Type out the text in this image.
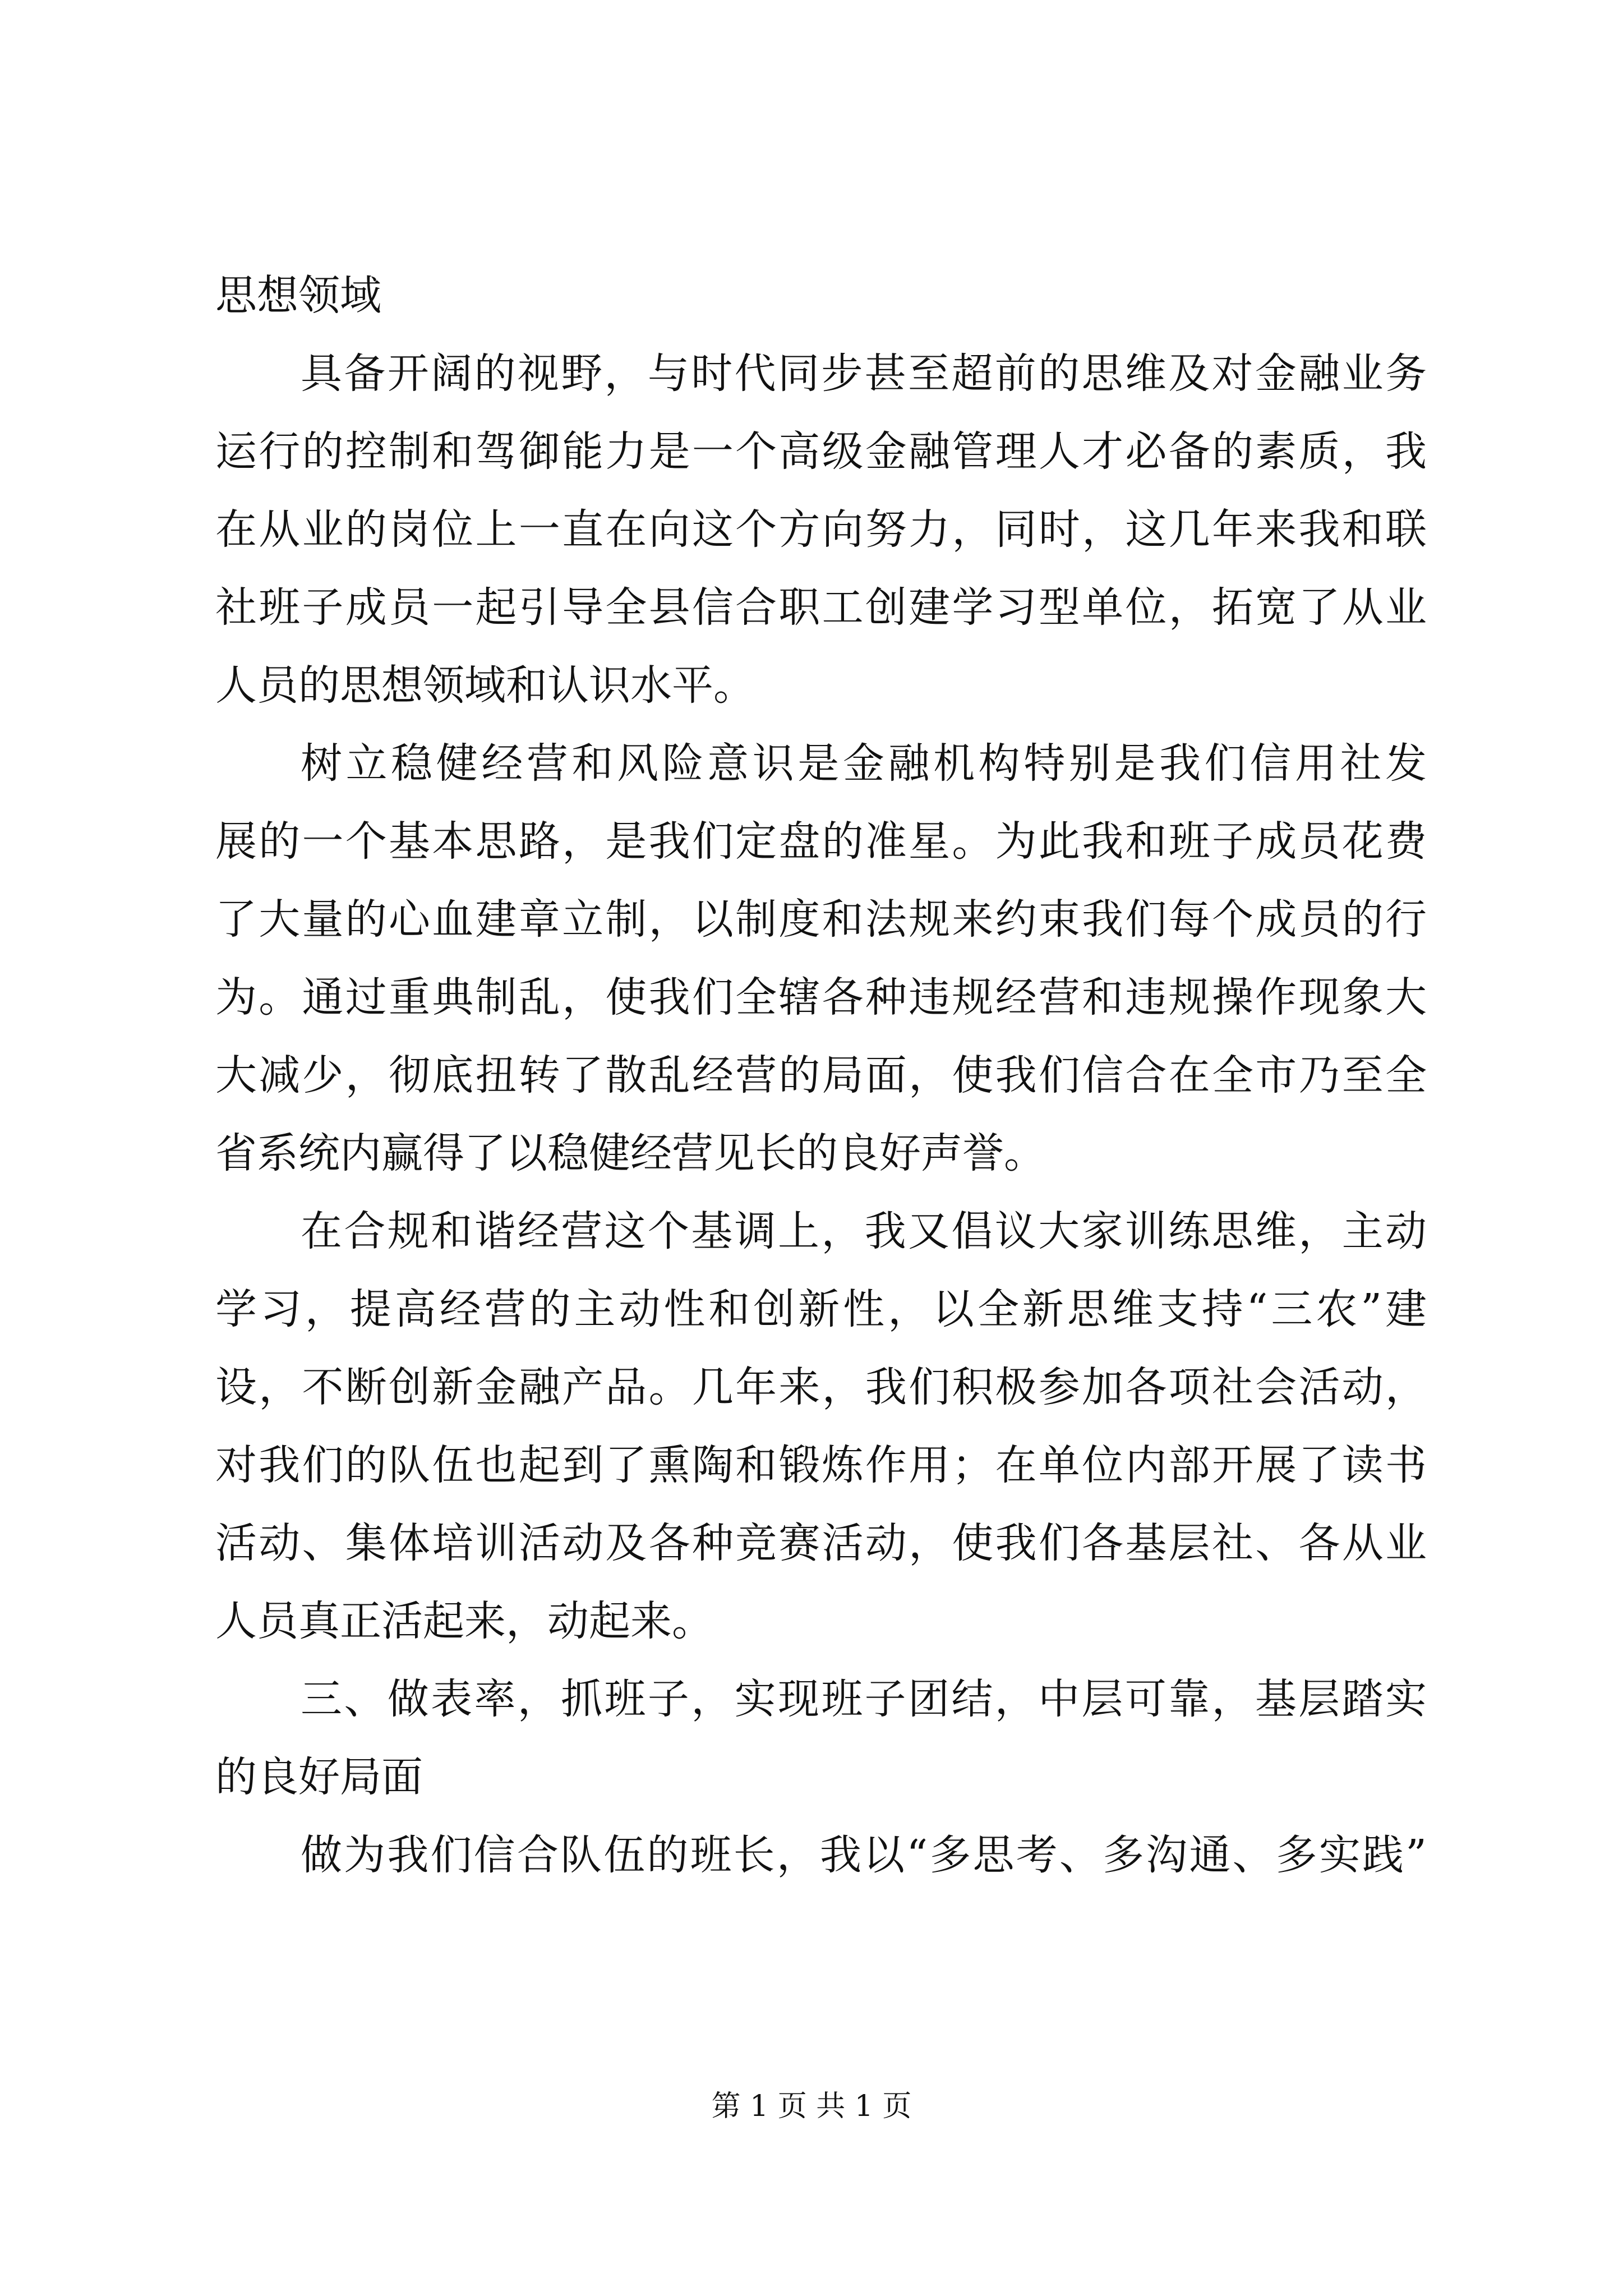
思想领域
具备开阔的视野，与时代同步甚至超前的思维及对金融业务
运行的控制和驾御能力是一个高级金融管理人才必备的素质，我
在从业的岗位上一直在向这个方向努力，同时，这几年来我和联
社班子成员一起引导全县信合职工创建学习型单位，拓宽了从业
人员的思想领域和认识水平。
树立稳健经营和风险意识是金融机构特别是我们信用社发
展的一个基本思路，是我们定盘的准星。为此我和班子成员花费
了大量的心血建章立制，以制度和法规来约束我们每个成员的行
为。通过重典制乱，使我们全辖各种违规经营和违规操作现象大
大减少，彻底扭转了散乱经营的局面，使我们信合在全市乃至全
省系统内赢得了以稳健经营见长的良好声誉。
在合规和谐经营这个基调上，我又倡议大家训练思维，主动
学习，提高经营的主动性和创新性，以全新思维支持“三农”建
设，不断创新金融产品。几年来，我们积极参加各项社会活动，
对我们的队伍也起到了熏陶和锻炼作用；在单位内部开展了读书
活动、集体培训活动及各种竞赛活动，使我们各基层社、各从业
人员真正活起来，动起来。
三、做表率，抓班子，实现班子团结，中层可靠，基层踏实
的良好局面
做为我们信合队伍的班长，我以“多思考、多沟通、多实践”
第 1 页 共 1 页
